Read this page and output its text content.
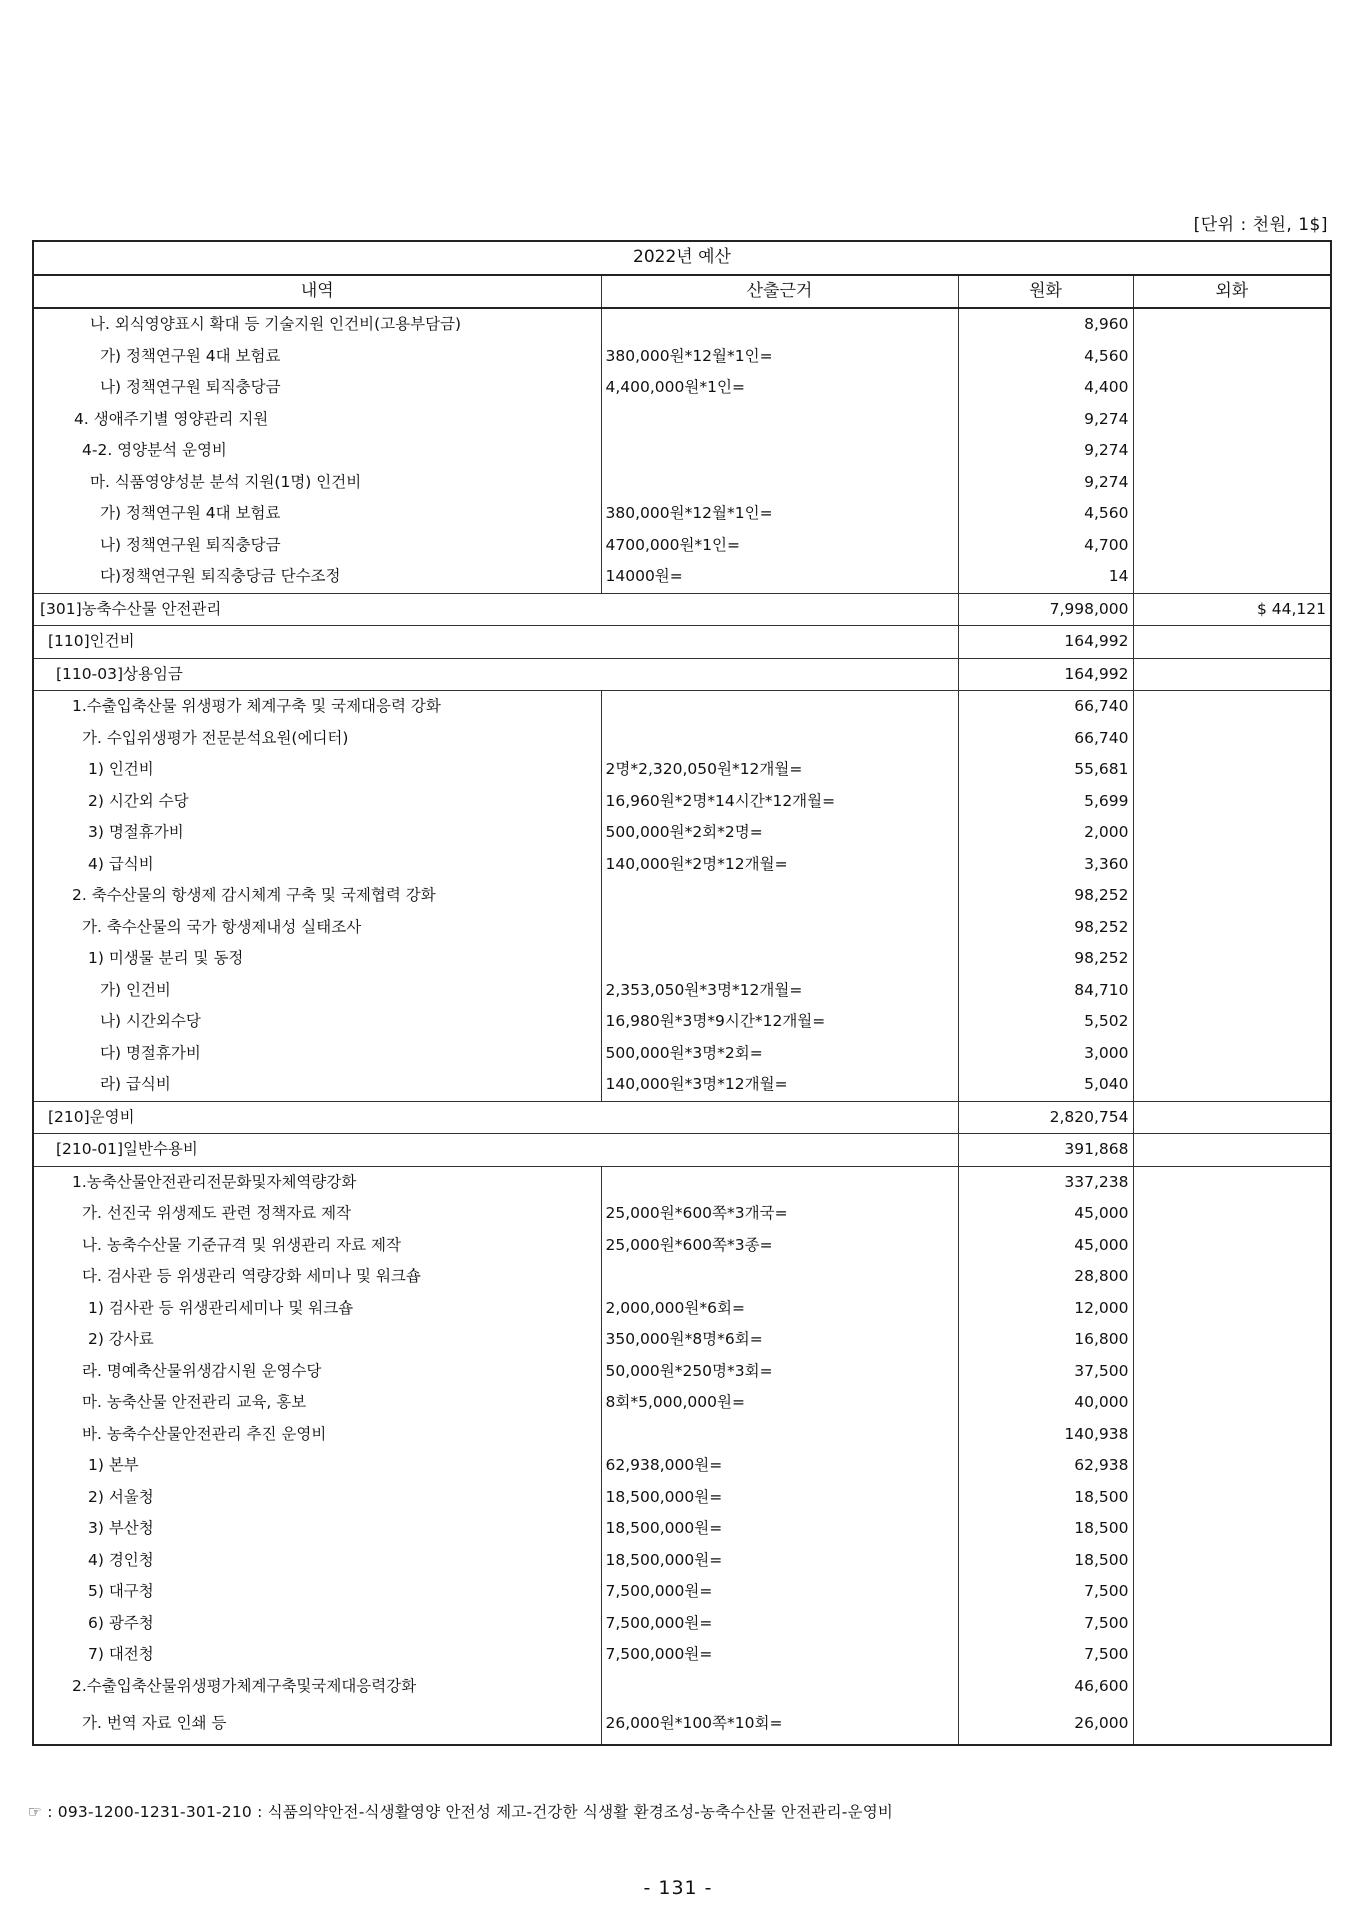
[단위 : 천원, 1$]
2022년 예산			
내역	산출근거	원화	외화
나. 외식영양표시 확대 등 기술지원 인건비(고용부담금)		8,960	
가) 정책연구원 4대 보험료	380,000원*12월*1인=	4,560	
나) 정책연구원 퇴직충당금	4,400,000원*1인=	4,400	
4. 생애주기별 영양관리 지원		9,274	
4-2. 영양분석 운영비		9,274	
마. 식품영양성분 분석 지원(1명) 인건비		9,274	
가) 정책연구원 4대 보험료	380,000원*12월*1인=	4,560	
나) 정책연구원 퇴직충당금	4700,000원*1인=	4,700	
다)정책연구원 퇴직충당금 단수조정	14000원=	14	
[301]농축수산물 안전관리		7,998,000	$ 44,121
[110]인건비		164,992	
[110-03]상용임금		164,992	
1.수출입축산물 위생평가 체계구축 및 국제대응력 강화		66,740	
가. 수입위생평가 전문분석요원(에디터)		66,740	
1) 인건비	2명*2,320,050원*12개월=	55,681	
2) 시간외 수당	16,960원*2명*14시간*12개월=	5,699	
3) 명절휴가비	500,000원*2회*2명=	2,000	
4) 급식비	140,000원*2명*12개월=	3,360	
2. 축수산물의 항생제 감시체계 구축 및 국제협력 강화		98,252	
가. 축수산물의 국가 항생제내성 실태조사		98,252	
1) 미생물 분리 및 동정		98,252	
가) 인건비	2,353,050원*3명*12개월=	84,710	
나) 시간외수당	16,980원*3명*9시간*12개월=	5,502	
다) 명절휴가비	500,000원*3명*2회=	3,000	
라) 급식비	140,000원*3명*12개월=	5,040	
[210]운영비		2,820,754	
[210-01]일반수용비		391,868	
1.농축산물안전관리전문화및자체역량강화		337,238	
가. 선진국 위생제도 관련 정책자료 제작	25,000원*600쪽*3개국=	45,000	
나. 농축수산물 기준규격 및 위생관리 자료 제작	25,000원*600쪽*3종=	45,000	
다. 검사관 등 위생관리 역량강화 세미나 및 워크숍		28,800	
1) 검사관 등 위생관리세미나 및 워크숍	2,000,000원*6회=	12,000	
2) 강사료	350,000원*8명*6회=	16,800	
라. 명예축산물위생감시원 운영수당	50,000원*250명*3회=	37,500	
마. 농축산물 안전관리 교육, 홍보	8회*5,000,000원=	40,000	
바. 농축수산물안전관리 추진 운영비		140,938	
1) 본부	62,938,000원=	62,938	
2) 서울청	18,500,000원=	18,500	
3) 부산청	18,500,000원=	18,500	
4) 경인청	18,500,000원=	18,500	
5) 대구청	7,500,000원=	7,500	
6) 광주청	7,500,000원=	7,500	
7) 대전청	7,500,000원=	7,500	
2.수출입축산물위생평가체계구축및국제대응력강화		46,600	
가. 번역 자료 인쇄 등	26,000원*100쪽*10회=	26,000	
☞ : 093-1200-1231-301-210 : 식품의약안전-식생활영양 안전성 제고-건강한 식생활 환경조성-농축수산물 안전관리-운영비
- 131 -
